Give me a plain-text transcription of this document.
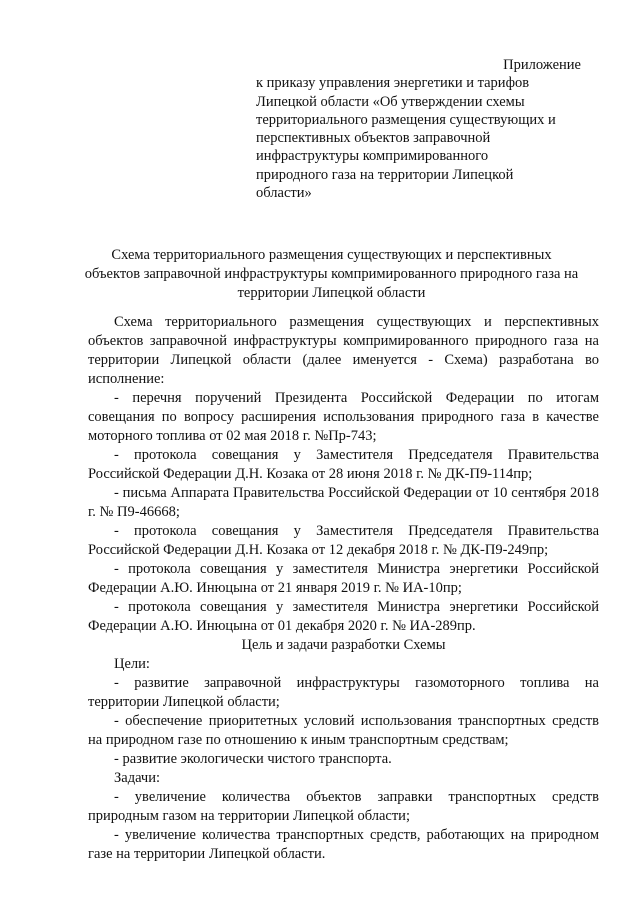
Приложение
к приказу управления энергетики и тарифов
Липецкой области «Об утверждении схемы
территориального размещения существующих и
перспективных объектов заправочной
инфраструктуры компримированного
природного газа на территории Липецкой
области»
Схема территориального размещения существующих и перспективных
объектов заправочной инфраструктуры компримированного природного газа на
территории Липецкой области

Схема территориального размещения существующих и перспективных объектов заправочной инфраструктуры компримированного природного газа на территории Липецкой области (далее именуется - Схема) разработана во исполнение:

- перечня поручений Президента Российской Федерации по итогам совещания по вопросу расширения использования природного газа в качестве моторного топлива от 02 мая 2018 г. №Пр-743;

- протокола совещания у Заместителя Председателя Правительства Российской Федерации Д.Н. Козака от 28 июня 2018 г. № ДК-П9-114пр;

- письма Аппарата Правительства Российской Федерации от 10 сентября 2018 г. № П9-46668;

- протокола совещания у Заместителя Председателя Правительства Российской Федерации Д.Н. Козака от 12 декабря 2018 г. № ДК-П9-249пр;

- протокола совещания у заместителя Министра энергетики Российской Федерации А.Ю. Инюцына от 21 января 2019 г. № ИА-10пр;

- протокола совещания у заместителя Министра энергетики Российской Федерации А.Ю. Инюцына от 01 декабря 2020 г. № ИА-289пр.

Цель и задачи разработки Схемы

Цели:

- развитие заправочной инфраструктуры газомоторного топлива на территории Липецкой области;

- обеспечение приоритетных условий использования транспортных средств на природном газе по отношению к иным транспортным средствам;

- развитие экологически чистого транспорта.

Задачи:

- увеличение количества объектов заправки транспортных средств природным газом на территории Липецкой области;

- увеличение количества транспортных средств, работающих на природном газе на территории Липецкой области.
